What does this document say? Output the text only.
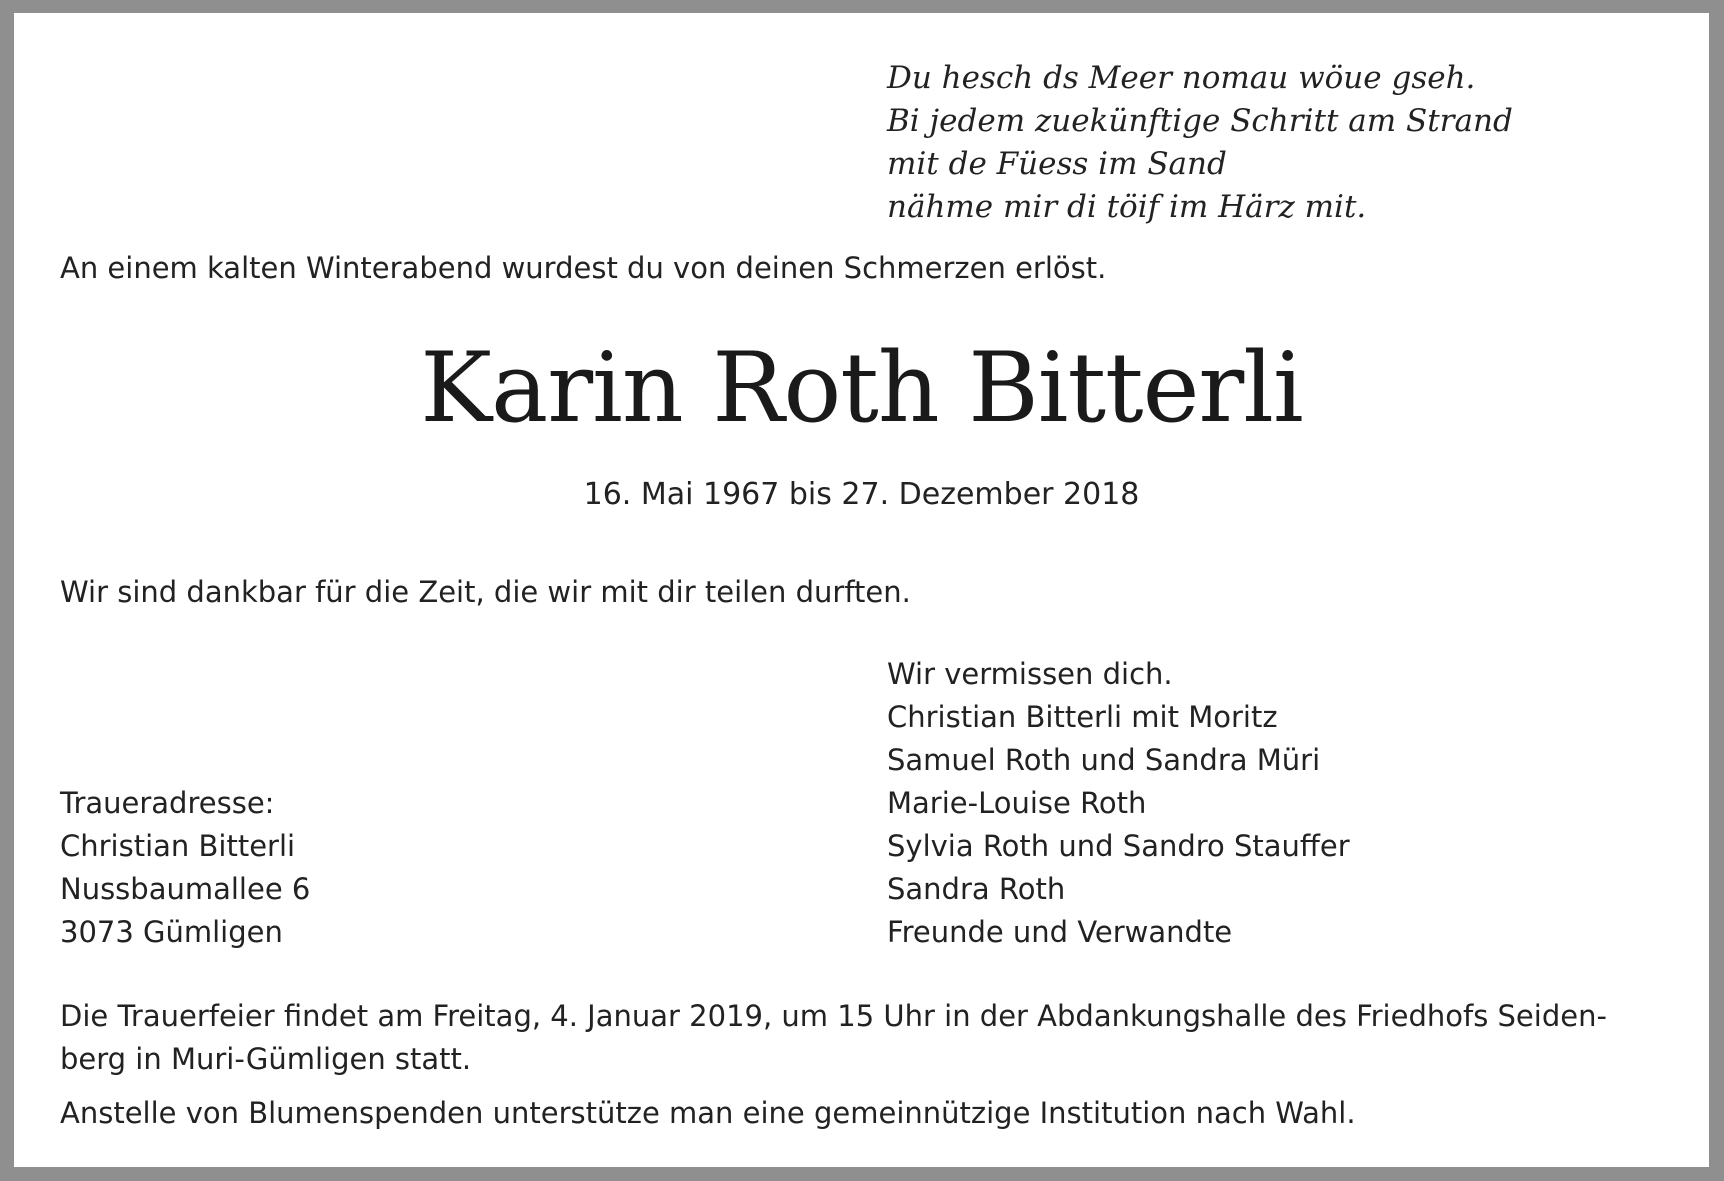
Du hesch ds Meer nomau wöue gseh.
Bi jedem zuekünftige Schritt am Strand
mit de Füess im Sand
nähme mir di töif im Härz mit.

An einem kalten Winterabend wurdest du von deinen Schmerzen erlöst.

Karin Roth Bitterli
16. Mai 1967 bis 27. Dezember 2018

Wir sind dankbar für die Zeit, die wir mit dir teilen durften.

Wir vermissen dich.
Christian Bitterli mit Moritz
Samuel Roth und Sandra Müri
Marie-Louise Roth
Sylvia Roth und Sandro Stauffer
Sandra Roth
Freunde und Verwandte
Traueradresse:
Christian Bitterli
Nussbaumallee 6
3073 Gümligen
Die Trauerfeier findet am Freitag, 4. Januar 2019, um 15 Uhr in der Abdankungshalle des Friedhofs Seiden-
berg in Muri-Gümligen statt.

Anstelle von Blumenspenden unterstütze man eine gemeinnützige Institution nach Wahl.
